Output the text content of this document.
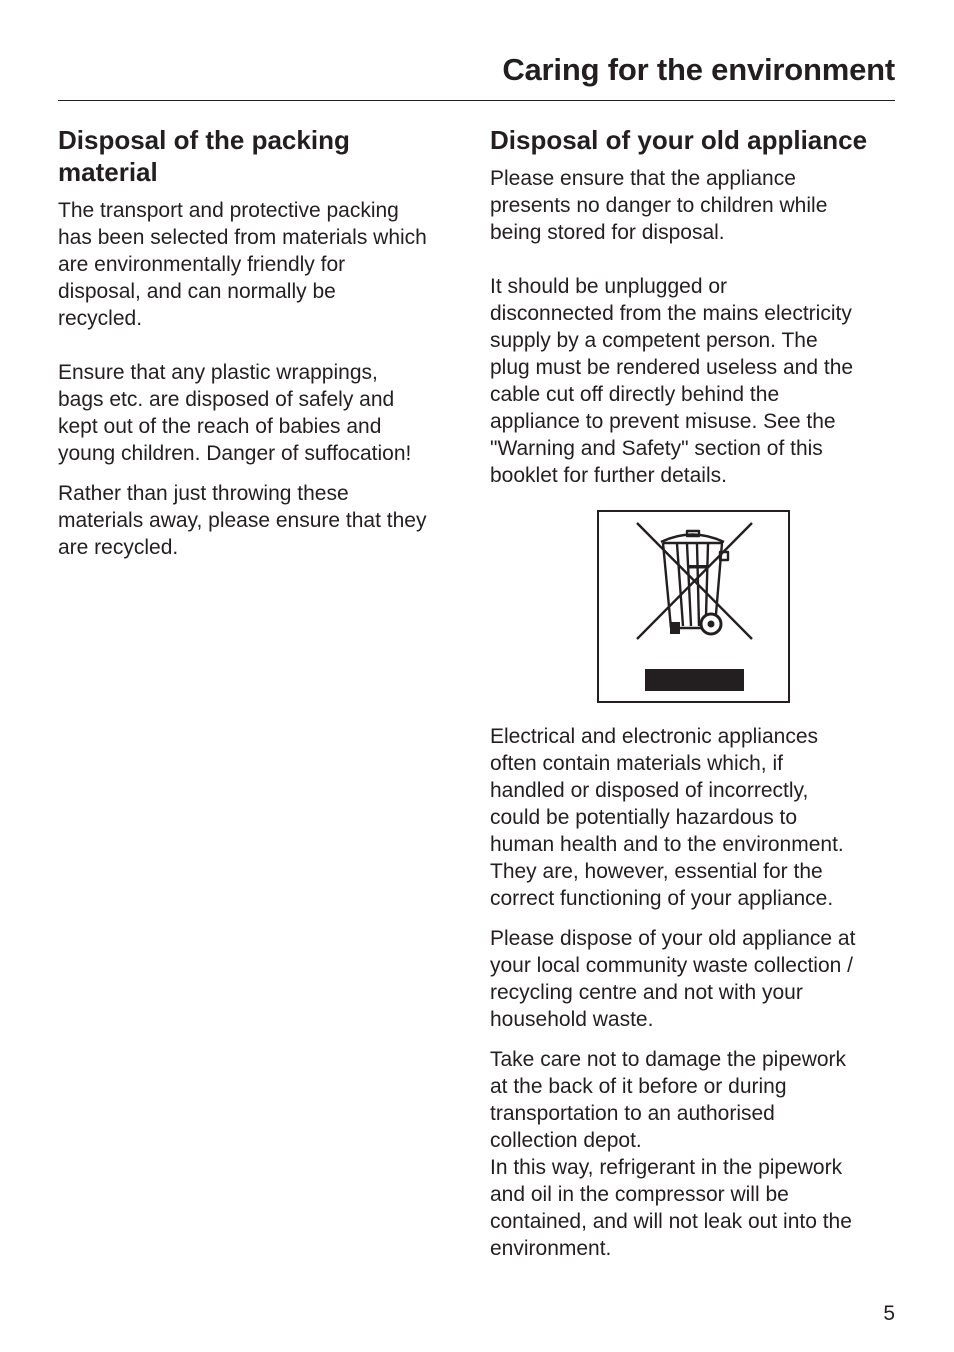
Caring for the environment
Disposal of the packing
material

The transport and protective packing
has been selected from materials which
are environmentally friendly for
disposal, and can normally be
recycled.

Ensure that any plastic wrappings,
bags etc. are disposed of safely and
kept out of the reach of babies and
young children. Danger of suffocation!

Rather than just throwing these
materials away, please ensure that they
are recycled.

Disposal of your old appliance

Please ensure that the appliance
presents no danger to children while
being stored for disposal.

It should be unplugged or
disconnected from the mains electricity
supply by a competent person. The
plug must be rendered useless and the
cable cut off directly behind the
appliance to prevent misuse. See the
"Warning and Safety" section of this
booklet for further details.

Electrical and electronic appliances
often contain materials which, if
handled or disposed of incorrectly,
could be potentially hazardous to
human health and to the environment.
They are, however, essential for the
correct functioning of your appliance.

Please dispose of your old appliance at
your local community waste collection /
recycling centre and not with your
household waste.

Take care not to damage the pipework
at the back of it before or during
transportation to an authorised
collection depot.
In this way, refrigerant in the pipework
and oil in the compressor will be
contained, and will not leak out into the
environment.

5
